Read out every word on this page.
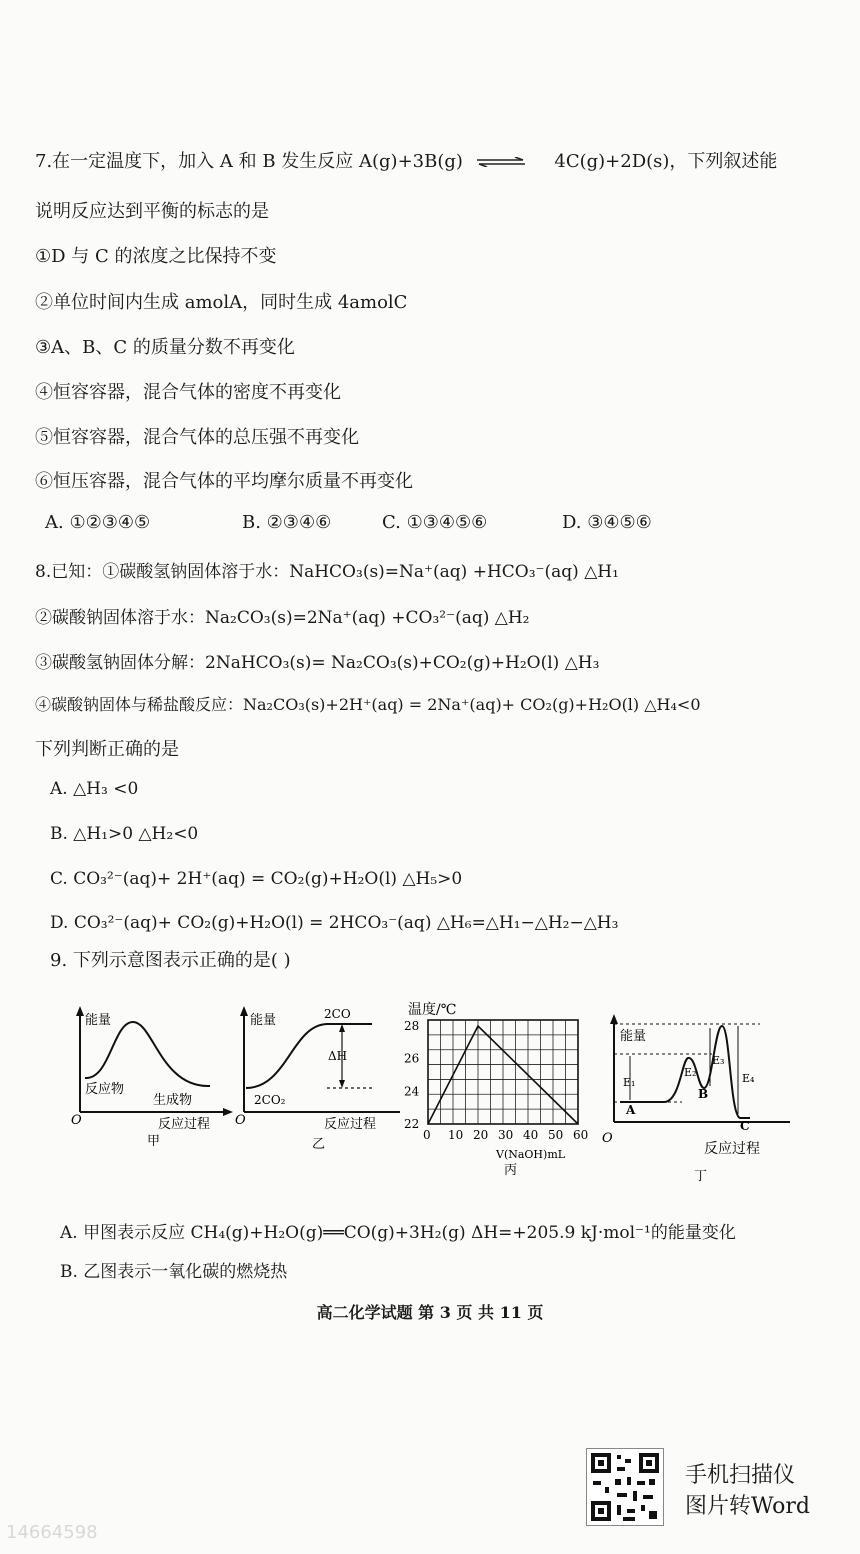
7.在一定温度下，加入 A 和 B 发生反应 A(g)+3B(g) ⇌ 4C(g)+2D(s)，下列叙述能
说明反应达到平衡的标志的是
①D 与 C 的浓度之比保持不变
②单位时间内生成 amolA，同时生成 4amolC
③A、B、C 的质量分数不再变化
④恒容容器，混合气体的密度不再变化
⑤恒容容器，混合气体的总压强不再变化
⑥恒压容器，混合气体的平均摩尔质量不再变化
A. ①②③④⑤	B. ②③④⑥	C. ①③④⑤⑥	D. ③④⑤⑥
8.已知：①碳酸氢钠固体溶于水：NaHCO₃(s)=Na⁺(aq) +HCO₃⁻(aq) △H₁
②碳酸钠固体溶于水：Na₂CO₃(s)=2Na⁺(aq) +CO₃²⁻(aq) △H₂
③碳酸氢钠固体分解：2NaHCO₃(s)= Na₂CO₃(s)+CO₂(g)+H₂O(l) △H₃
④碳酸钠固体与稀盐酸反应：Na₂CO₃(s)+2H⁺(aq) = 2Na⁺(aq)+ CO₂(g)+H₂O(l) △H₄<0
下列判断正确的是
A. △H₃ <0
B. △H₁>0 △H₂<0
C. CO₃²⁻(aq)+ 2H⁺(aq) = CO₂(g)+H₂O(l) △H₅>0
D. CO₃²⁻(aq)+ CO₂(g)+H₂O(l) = 2HCO₃⁻(aq) △H₆=△H₁−△H₂−△H₃
9. 下列示意图表示正确的是( )
能量
反应物
生成物
反应过程
O
甲
能量	2CO
2CO₂
ΔH
反应过程
O
乙
温度/℃
22
24
26
28
0 10 20 30 40 50 60
V(NaOH)mL
丙
能量
E₁
E₂
E₃
E₄
A
B
C
反应过程
O
丁
A. 甲图表示反应 CH₄(g)+H₂O(g)══CO(g)+3H₂(g) ΔH=+205.9 kJ·mol⁻¹的能量变化
B. 乙图表示一氧化碳的燃烧热
高二化学试题 第 3 页 共 11 页
手机扫描仪
图片转Word
14664598
